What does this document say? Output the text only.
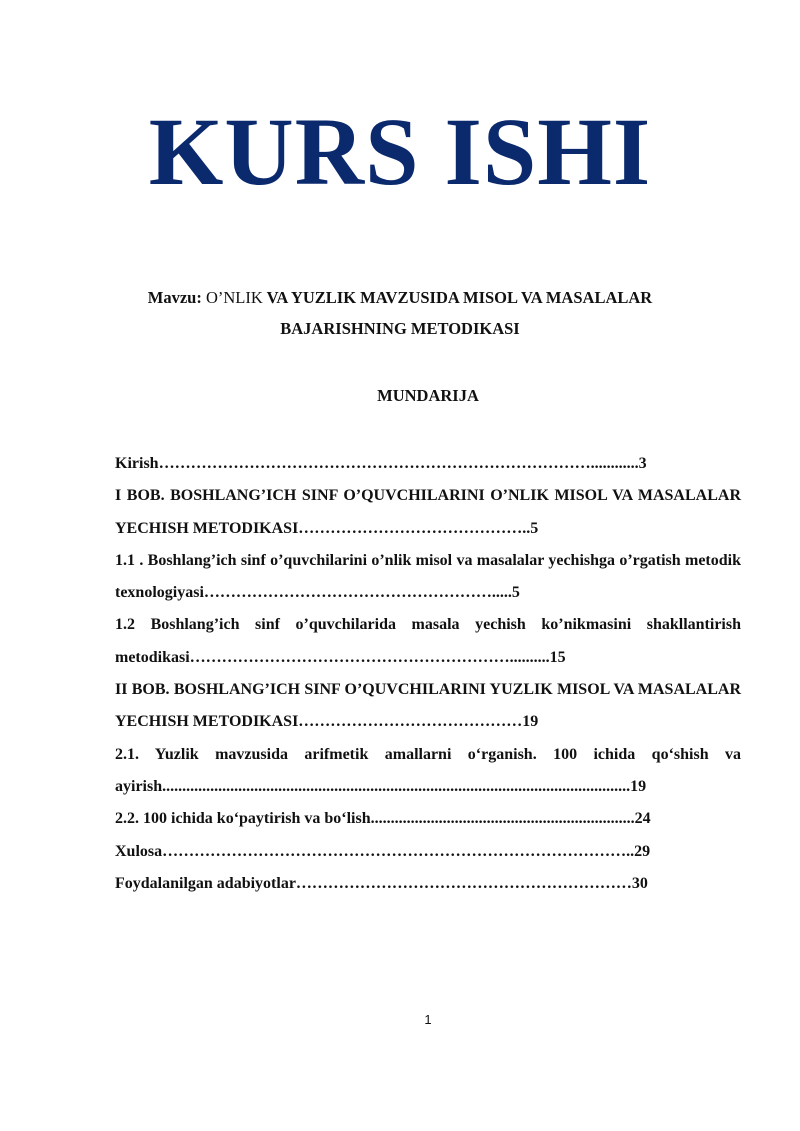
KURS ISHI
Mavzu: O’NLIK VA YUZLIK MAVZUSIDA MISOL VA MASALALAR
BAJARISHNING METODIKASI
MUNDARIJA
Kirish………………………………………………………………………............3
I BOB. BOSHLANG’ICH SINF O’QUVCHILARINI O’NLIK MISOL VA MASALALAR YECHISH METODIKASI……………………………………..5
1.1 . Boshlang’ich sinf o’quvchilarini o’nlik misol va masalalar yechishga o’rgatish metodik texnologiyasi……………………………………………….....5
1.2 Boshlang’ich sinf o’quvchilarida masala yechish ko’nikmasini shakllantirish metodikasi……………………………………………………..........15
II BOB. BOSHLANG’ICH SINF O’QUVCHILARINI YUZLIK MISOL VA MASALALAR YECHISH METODIKASI……………………………………19
2.1. Yuzlik mavzusida arifmetik amallarni o‘rganish. 100 ichida qo‘shish va ayirish.....................................................................................................................19
2.2. 100 ichida ko‘paytirish va bo‘lish..................................................................24
Xulosa……………………………………………………………………………..29
Foydalanilgan adabiyotlar………………………………………………………30
1
